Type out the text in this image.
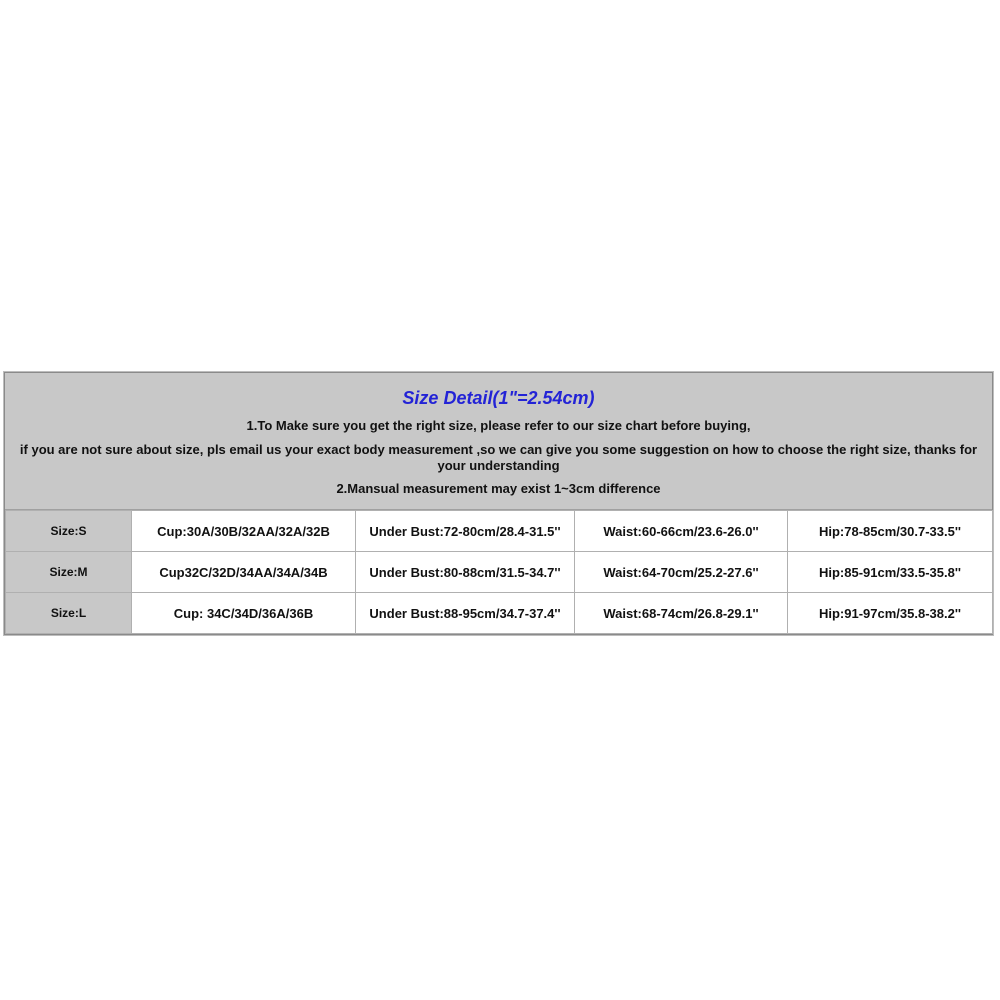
Size Detail(1"=2.54cm)
1.To Make sure you get the right size, please refer to our size chart before buying,
if you are not sure about size, pls email us your exact body measurement ,so we can give you some suggestion on how to choose the right size, thanks for your understanding
2.Mansual measurement may exist 1~3cm difference
Size:S	Cup:30A/30B/32AA/32A/32B	Under Bust:72-80cm/28.4-31.5''	Waist:60-66cm/23.6-26.0''	Hip:78-85cm/30.7-33.5''
Size:M	Cup32C/32D/34AA/34A/34B	Under Bust:80-88cm/31.5-34.7''	Waist:64-70cm/25.2-27.6''	Hip:85-91cm/33.5-35.8''
Size:L	Cup: 34C/34D/36A/36B	Under Bust:88-95cm/34.7-37.4''	Waist:68-74cm/26.8-29.1''	Hip:91-97cm/35.8-38.2''
